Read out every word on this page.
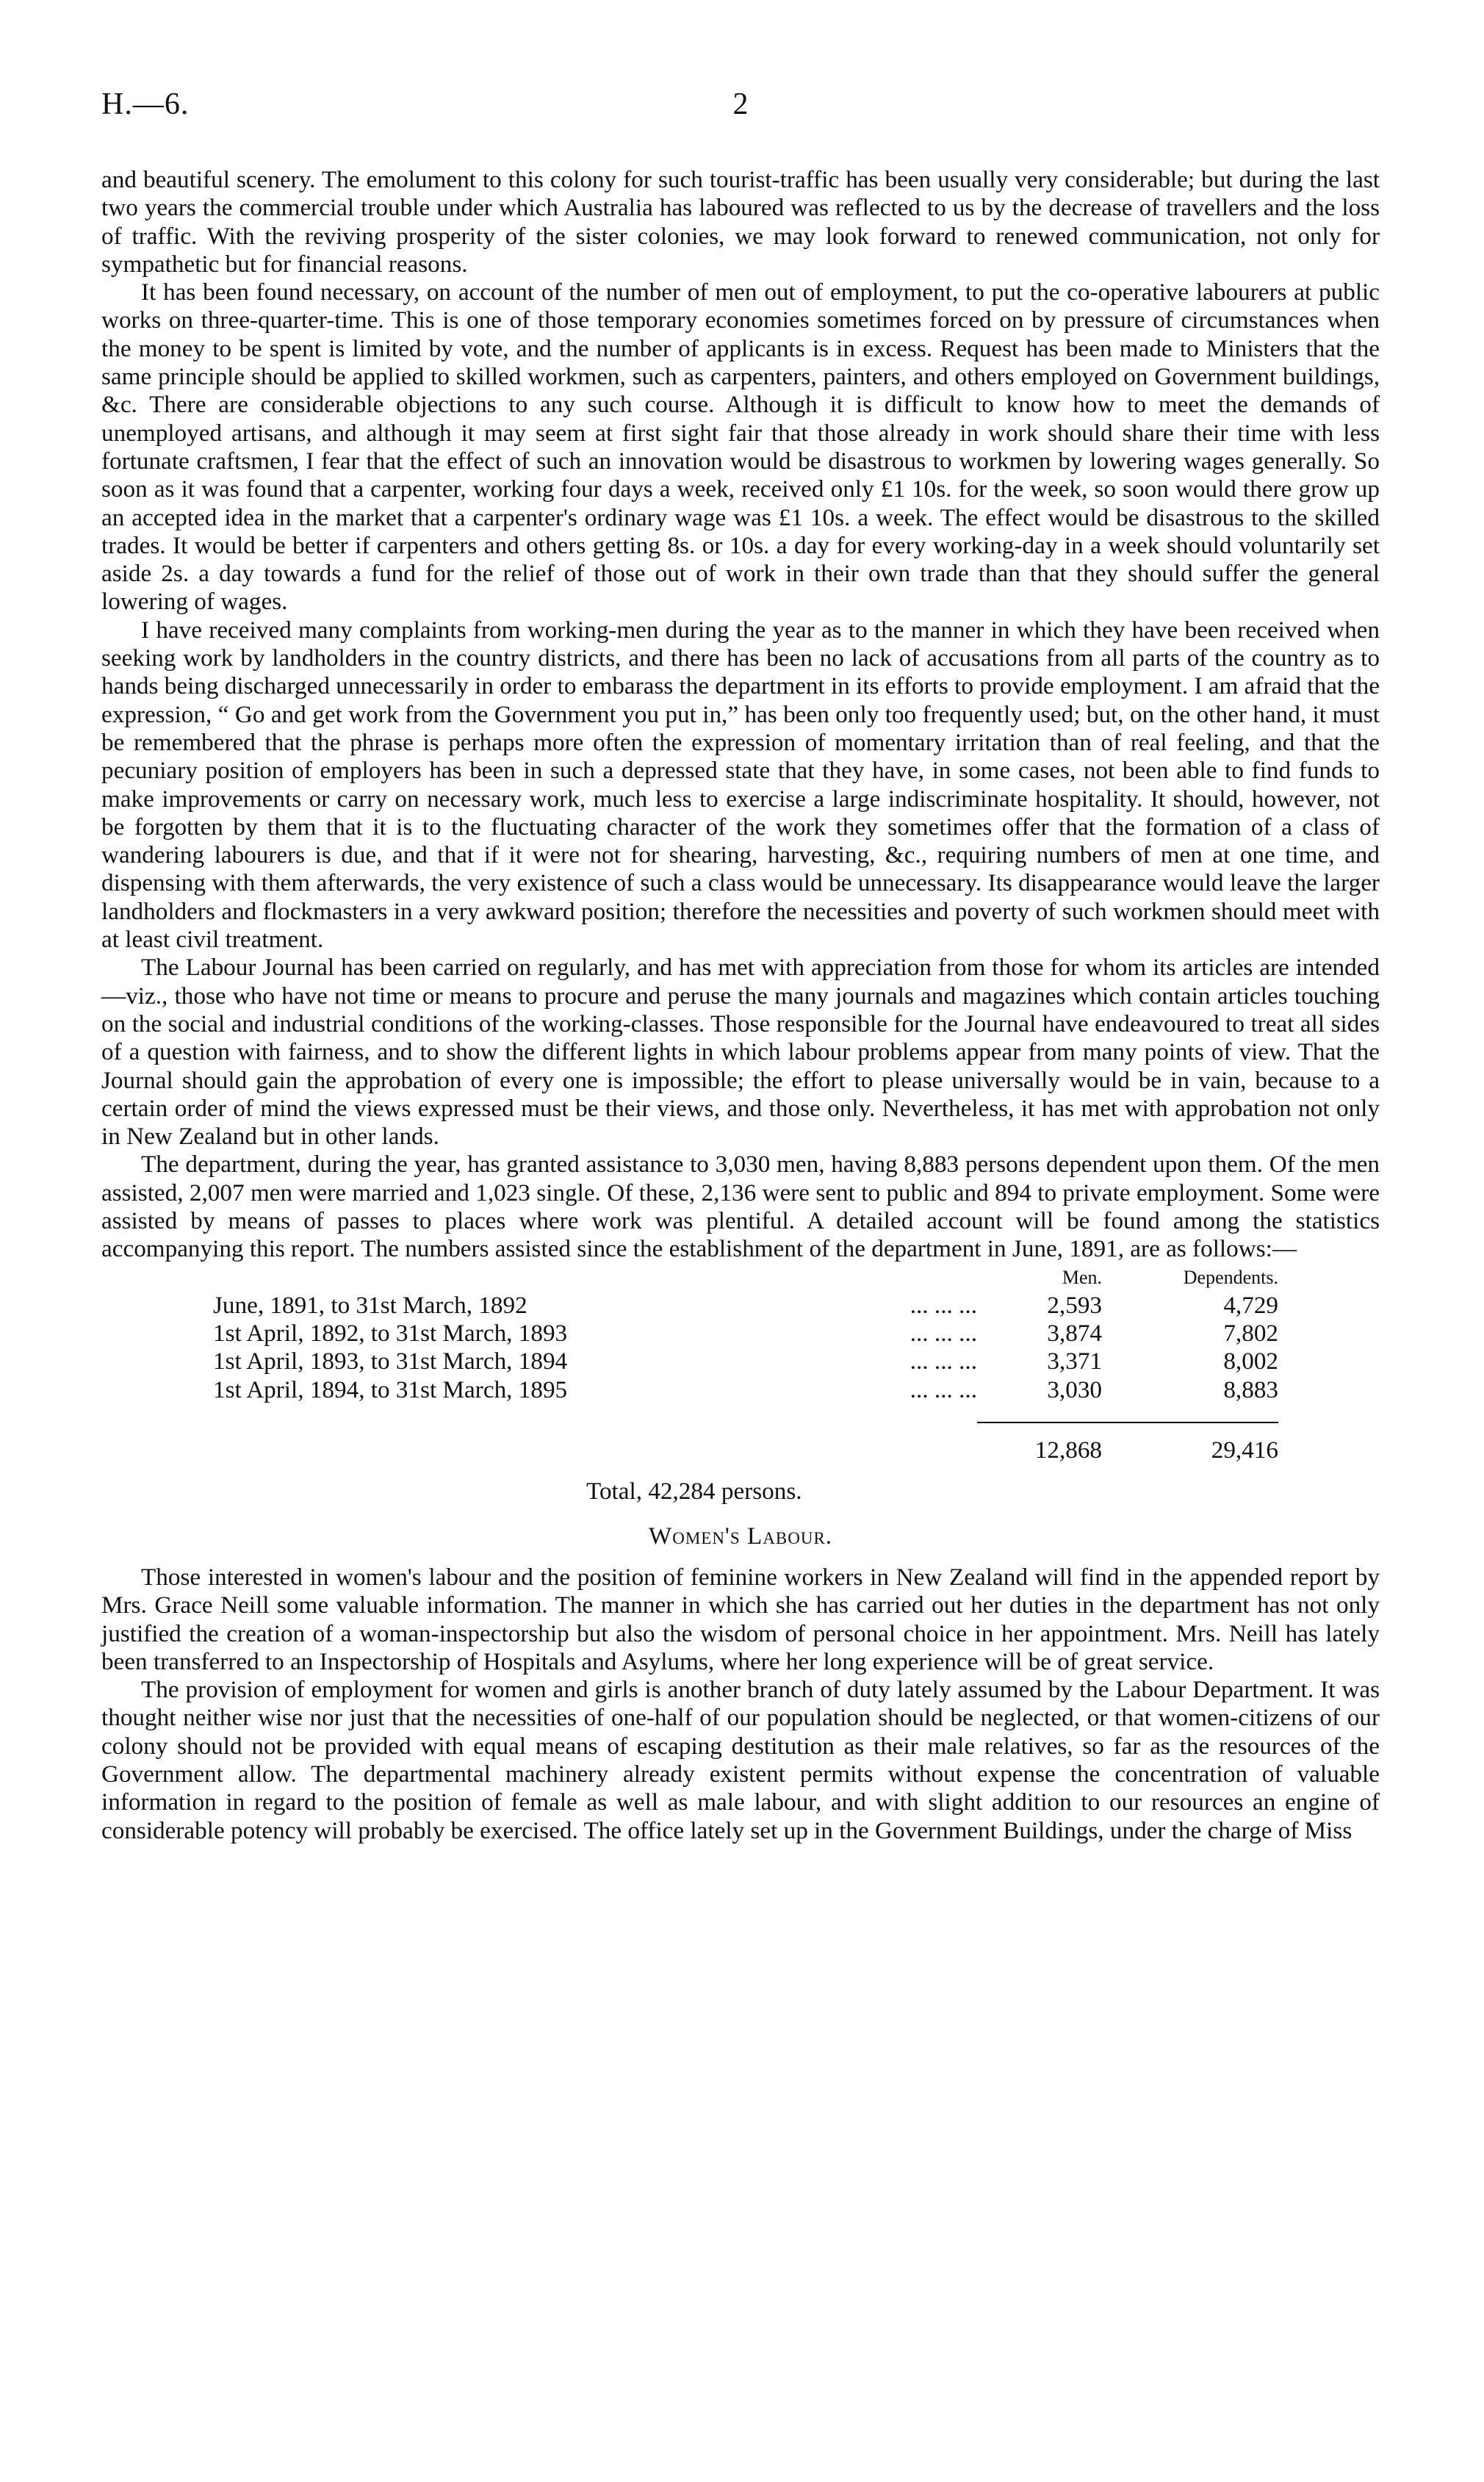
H.—6.	2

and beautiful scenery. The emolument to this colony for such tourist-traffic has been usually very considerable; but during the last two years the commercial trouble under which Australia has laboured was reflected to us by the decrease of travellers and the loss of traffic. With the reviving prosperity of the sister colonies, we may look forward to renewed communication, not only for sympathetic but for financial reasons.

It has been found necessary, on account of the number of men out of employment, to put the co-operative labourers at public works on three-quarter-time. This is one of those temporary economies sometimes forced on by pressure of circumstances when the money to be spent is limited by vote, and the number of applicants is in excess. Request has been made to Ministers that the same principle should be applied to skilled workmen, such as carpenters, painters, and others employed on Government buildings, &c. There are considerable objections to any such course. Although it is difficult to know how to meet the demands of unemployed artisans, and although it may seem at first sight fair that those already in work should share their time with less fortunate craftsmen, I fear that the effect of such an innovation would be disastrous to workmen by lowering wages generally. So soon as it was found that a carpenter, working four days a week, received only £1 10s. for the week, so soon would there grow up an accepted idea in the market that a carpenter's ordinary wage was £1 10s. a week. The effect would be disastrous to the skilled trades. It would be better if carpenters and others getting 8s. or 10s. a day for every working-day in a week should voluntarily set aside 2s. a day towards a fund for the relief of those out of work in their own trade than that they should suffer the general lowering of wages.

I have received many complaints from working-men during the year as to the manner in which they have been received when seeking work by landholders in the country districts, and there has been no lack of accusations from all parts of the country as to hands being discharged unnecessarily in order to embarass the department in its efforts to provide employment. I am afraid that the expression, “ Go and get work from the Government you put in,” has been only too frequently used; but, on the other hand, it must be remembered that the phrase is perhaps more often the expression of momentary irritation than of real feeling, and that the pecuniary position of employers has been in such a depressed state that they have, in some cases, not been able to find funds to make improvements or carry on necessary work, much less to exercise a large indiscriminate hospitality. It should, however, not be forgotten by them that it is to the fluctuating character of the work they sometimes offer that the formation of a class of wandering labourers is due, and that if it were not for shearing, harvesting, &c., requiring numbers of men at one time, and dispensing with them afterwards, the very existence of such a class would be unnecessary. Its disappearance would leave the larger landholders and flockmasters in a very awkward position; therefore the necessities and poverty of such workmen should meet with at least civil treatment.

The Labour Journal has been carried on regularly, and has met with appreciation from those for whom its articles are intended—viz., those who have not time or means to procure and peruse the many journals and magazines which contain articles touching on the social and industrial conditions of the working-classes. Those responsible for the Journal have endeavoured to treat all sides of a question with fairness, and to show the different lights in which labour problems appear from many points of view. That the Journal should gain the approbation of every one is impossible; the effort to please universally would be in vain, because to a certain order of mind the views expressed must be their views, and those only. Nevertheless, it has met with approbation not only in New Zealand but in other lands.

The department, during the year, has granted assistance to 3,030 men, having 8,883 persons dependent upon them. Of the men assisted, 2,007 men were married and 1,023 single. Of these, 2,136 were sent to public and 894 to private employment. Some were assisted by means of passes to places where work was plentiful. A detailed account will be found among the statistics accompanying this report. The numbers assisted since the establishment of the department in June, 1891, are as follows:—

		Men.	Dependents.
June, 1891, to 31st March, 1892	... ... ...	2,593	4,729
1st April, 1892, to 31st March, 1893	... ... ...	3,874	7,802
1st April, 1893, to 31st March, 1894	... ... ...	3,371	8,002
1st April, 1894, to 31st March, 1895	... ... ...	3,030	8,883

		12,868	29,416
Total, 42,284 persons.
Women's Labour.

Those interested in women's labour and the position of feminine workers in New Zealand will find in the appended report by Mrs. Grace Neill some valuable information. The manner in which she has carried out her duties in the department has not only justified the creation of a woman-inspectorship but also the wisdom of personal choice in her appointment. Mrs. Neill has lately been transferred to an Inspectorship of Hospitals and Asylums, where her long experience will be of great service.

The provision of employment for women and girls is another branch of duty lately assumed by the Labour Department. It was thought neither wise nor just that the necessities of one-half of our population should be neglected, or that women-citizens of our colony should not be provided with equal means of escaping destitution as their male relatives, so far as the resources of the Government allow. The departmental machinery already existent permits without expense the concentration of valuable information in regard to the position of female as well as male labour, and with slight addition to our resources an engine of considerable potency will probably be exercised. The office lately set up in the Government Buildings, under the charge of Miss
